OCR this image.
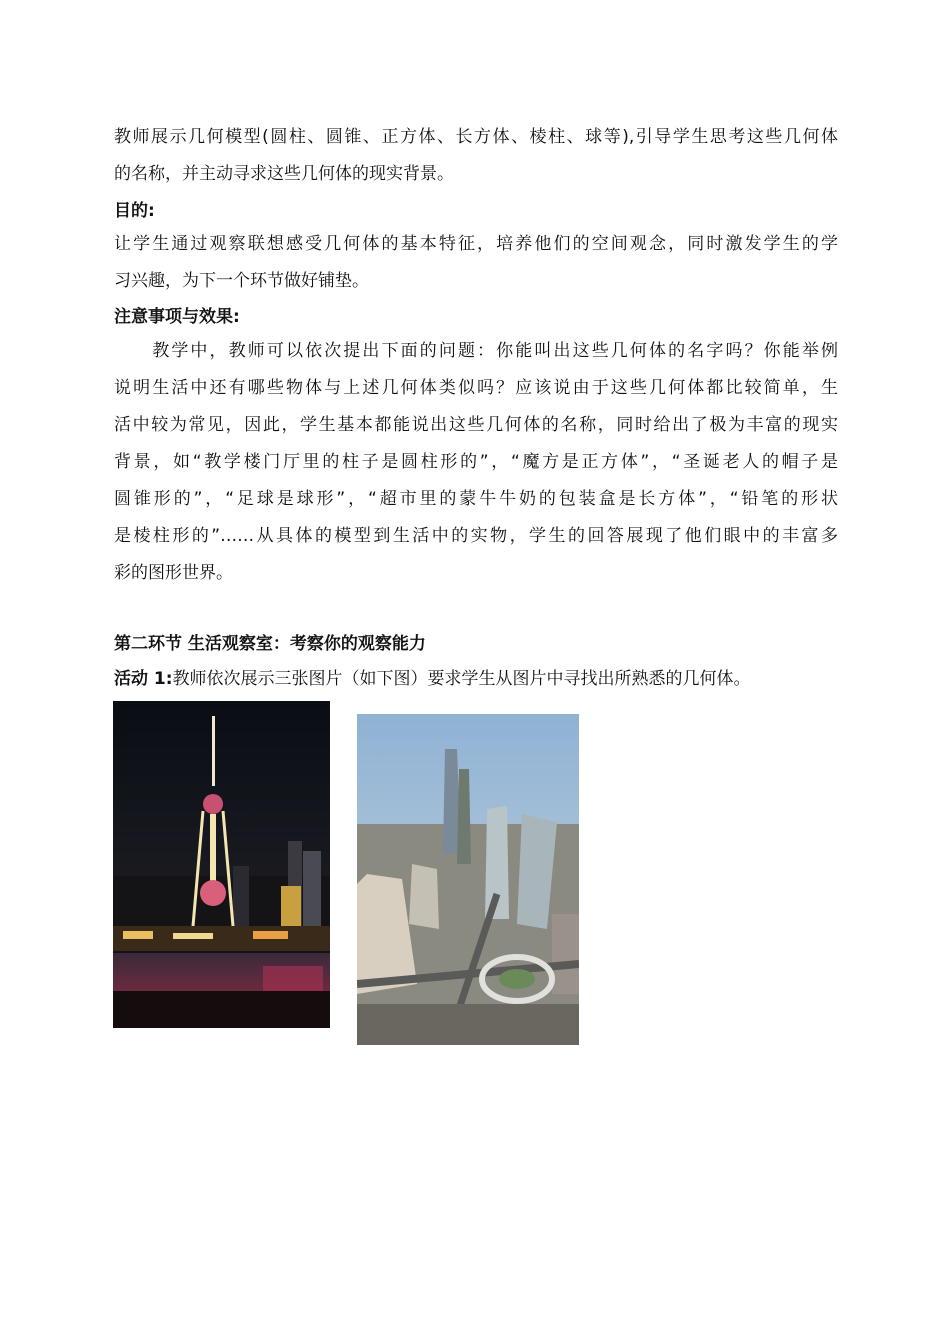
教师展示几何模型(圆柱、圆锥、正方体、长方体、棱柱、球等),引导学生思考这些几何体
的名称，并主动寻求这些几何体的现实背景。
目的:
让学生通过观察联想感受几何体的基本特征，培养他们的空间观念，同时激发学生的学
习兴趣，为下一个环节做好铺垫。
注意事项与效果:
　　教学中，教师可以依次提出下面的问题：你能叫出这些几何体的名字吗？你能举例
说明生活中还有哪些物体与上述几何体类似吗？应该说由于这些几何体都比较简单，生
活中较为常见，因此，学生基本都能说出这些几何体的名称，同时给出了极为丰富的现实
背景，如“教学楼门厅里的柱子是圆柱形的”，“魔方是正方体”，“圣诞老人的帽子是
圆锥形的”，“足球是球形”，“超市里的蒙牛牛奶的包装盒是长方体”，“铅笔的形状
是棱柱形的”……从具体的模型到生活中的实物，学生的回答展现了他们眼中的丰富多
彩的图形世界。
第二环节 生活观察室：考察你的观察能力
活动 1:教师依次展示三张图片（如下图）要求学生从图片中寻找出所熟悉的几何体。
